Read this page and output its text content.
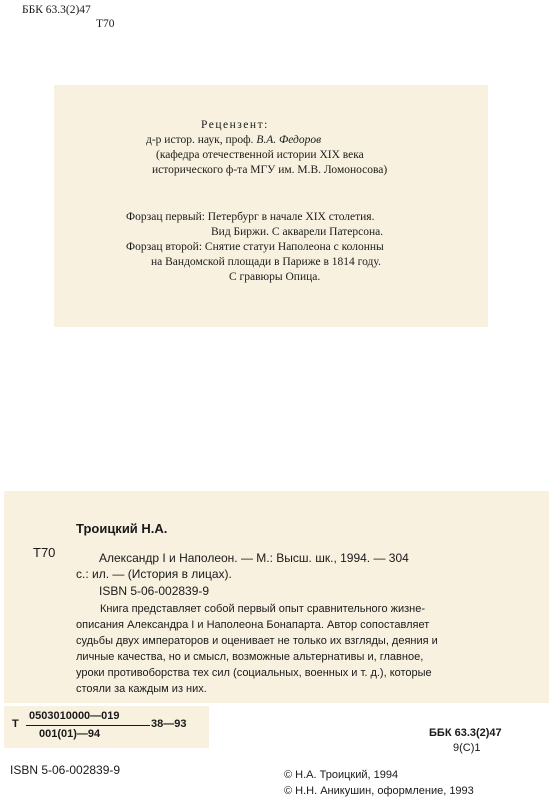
ББК 63.3(2)47
Т70
Рецензент:
д-р истор. наук, проф. В.А. Федоров
(кафедра отечественной истории XIX века
исторического ф-та МГУ им. М.В. Ломоносова)
Форзац первый: Петербург в начале XIX столетия.
Вид Биржи. С акварели Патерсона.
Форзац второй: Снятие статуи Наполеона с колонны
на Вандомской площади в Париже в 1814 году.
С гравюры Опица.
Т70
Троицкий Н.А.
Александр I и Наполеон. — М.: Высш. шк., 1994. — 304
с.: ил. — (История в лицах).
ISBN 5-06-002839-9
Книга представляет собой первый опыт сравнительного жизне-
описания Александра I и Наполеона Бонапарта. Автор сопоставляет
судьбы двух императоров и оценивает не только их взгляды, деяния и
личные качества, но и смысл, возможные альтернативы и, главное,
уроки противоборства тех сил (социальных, военных и т. д.), которые
стояли за каждым из них.
Т
0503010000—019
001(01)—94
38—93
ББК 63.3(2)47
9(С)1
ISBN 5-06-002839-9	© Н.А. Троицкий, 1994
© Н.Н. Аникушин, оформление, 1993
